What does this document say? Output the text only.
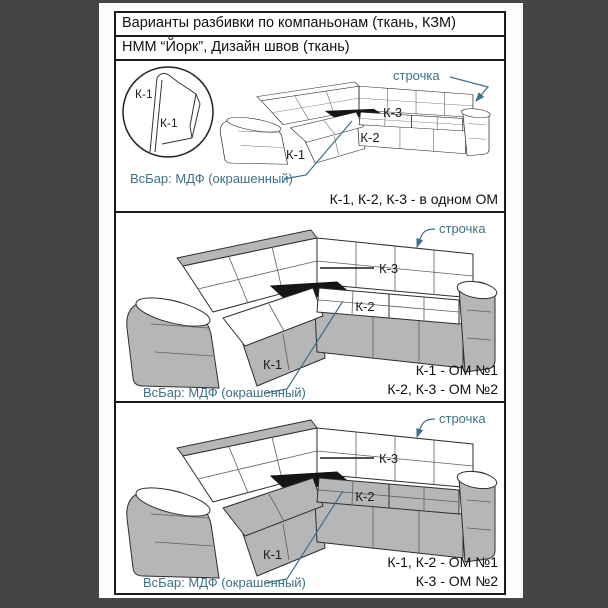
Варианты разбивки по компаньонам (ткань, КЗМ)
НММ “Йорк”, Дизайн швов (ткань)
К-1
К-1
строчка
ВсБар: МДФ (окрашенный)
К-1
К-2
К-3
К-1, К-2, К-3 - в одном ОМ
строчка
ВсБар: МДФ (окрашенный)
К-1
К-2
К-3
К-1 - ОМ №1
К-2, К-3 - ОМ №2
строчка
ВсБар: МДФ (окрашенный)
К-1
К-2
К-3
К-1, К-2 - ОМ №1
К-3 - ОМ №2
